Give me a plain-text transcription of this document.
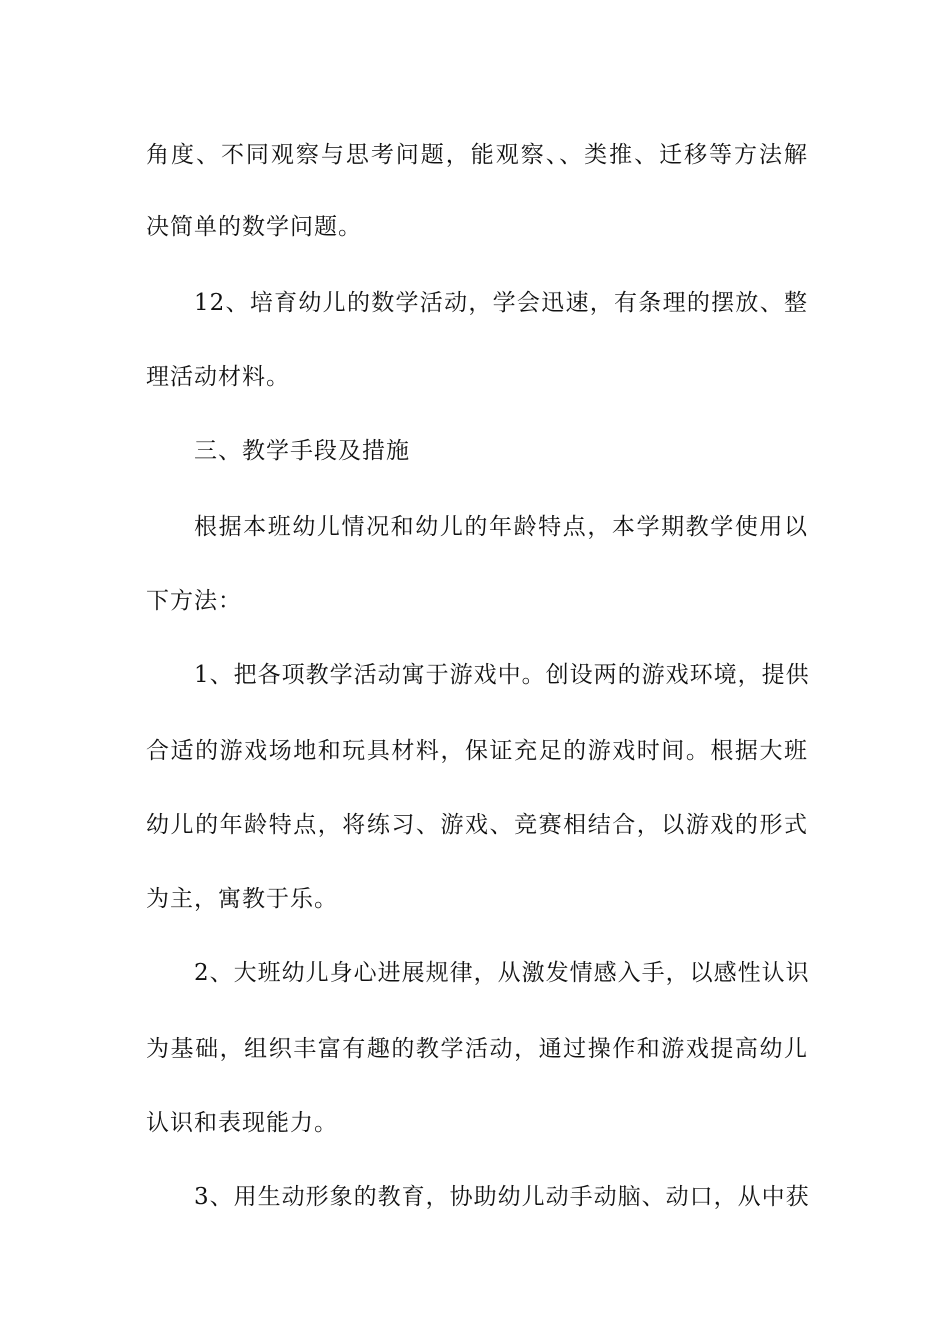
角度、不同观察与思考问题，能观察、、类推、迁移等方法解
决简单的数学问题。
12、培育幼儿的数学活动，学会迅速，有条理的摆放、整
理活动材料。
三、教学手段及措施
根据本班幼儿情况和幼儿的年龄特点，本学期教学使用以
下方法：
1、把各项教学活动寓于游戏中。创设两的游戏环境，提供
合适的游戏场地和玩具材料，保证充足的游戏时间。根据大班
幼儿的年龄特点，将练习、游戏、竞赛相结合，以游戏的形式
为主，寓教于乐。
2、大班幼儿身心进展规律，从激发情感入手，以感性认识
为基础，组织丰富有趣的教学活动，通过操作和游戏提高幼儿
认识和表现能力。
3、用生动形象的教育，协助幼儿动手动脑、动口，从中获
